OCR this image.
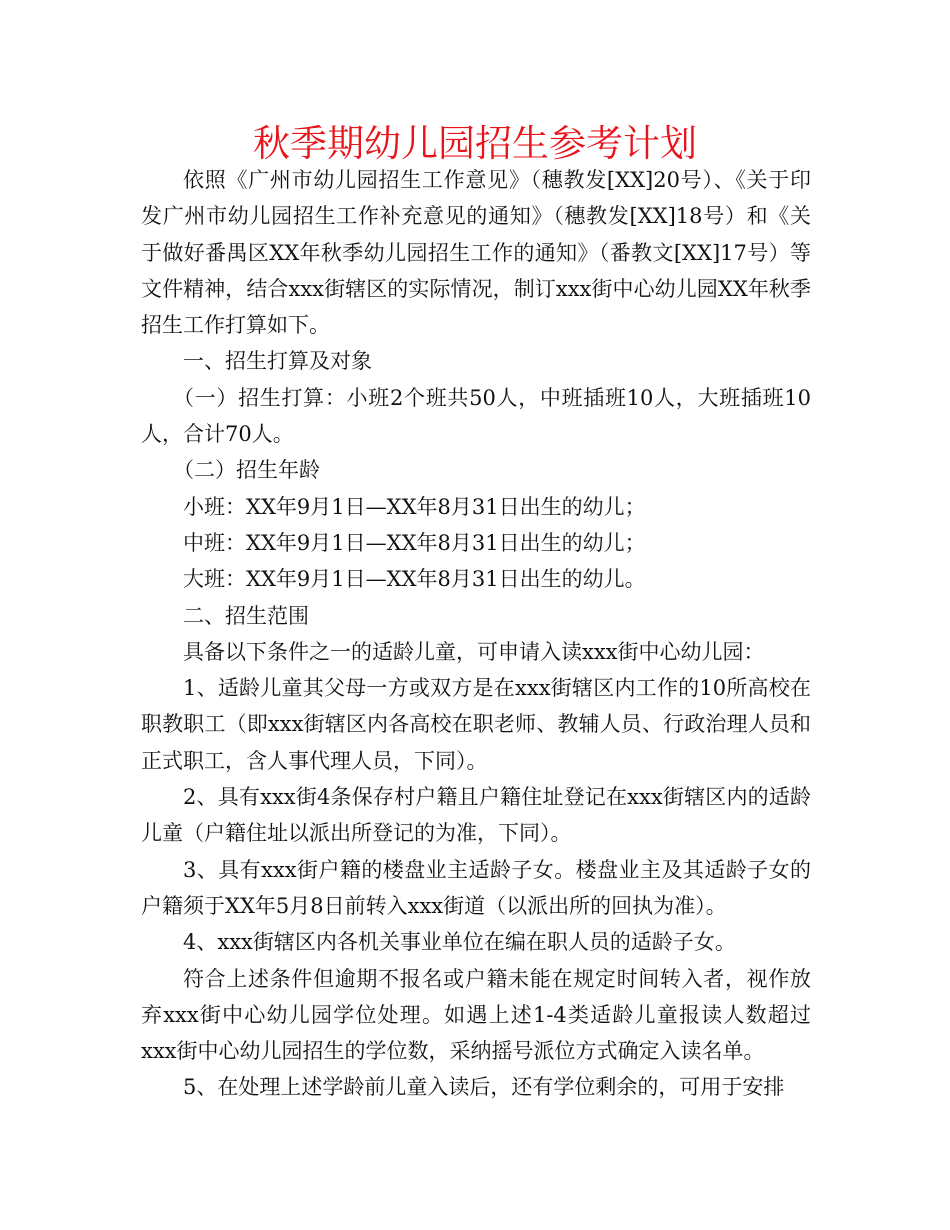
秋季期幼儿园招生参考计划

依照《广州市幼儿园招生工作意见》（穗教发[XX]20号）、《关于印发广州市幼儿园招生工作补充意见的通知》（穗教发[XX]18号）和《关于做好番禺区XX年秋季幼儿园招生工作的通知》（番教文[XX]17号）等文件精神，结合xxx街辖区的实际情况，制订xxx街中心幼儿园XX年秋季招生工作打算如下。

一、招生打算及对象

（一）招生打算：小班2个班共50人，中班插班10人，大班插班10人，合计70人。

（二）招生年龄

小班：XX年9月1日—XX年8月31日出生的幼儿；

中班：XX年9月1日—XX年8月31日出生的幼儿；

大班：XX年9月1日—XX年8月31日出生的幼儿。

二、招生范围

具备以下条件之一的适龄儿童，可申请入读xxx街中心幼儿园：

1、适龄儿童其父母一方或双方是在xxx街辖区内工作的10所高校在职教职工（即xxx街辖区内各高校在职老师、教辅人员、行政治理人员和正式职工，含人事代理人员，下同）。

2、具有xxx街4条保存村户籍且户籍住址登记在xxx街辖区内的适龄儿童（户籍住址以派出所登记的为准，下同）。

3、具有xxx街户籍的楼盘业主适龄子女。楼盘业主及其适龄子女的户籍须于XX年5月8日前转入xxx街道（以派出所的回执为准）。

4、xxx街辖区内各机关事业单位在编在职人员的适龄子女。

符合上述条件但逾期不报名或户籍未能在规定时间转入者，视作放弃xxx街中心幼儿园学位处理。如遇上述1-4类适龄儿童报读人数超过xxx街中心幼儿园招生的学位数，采纳摇号派位方式确定入读名单。

5、在处理上述学龄前儿童入读后，还有学位剩余的，可用于安排
